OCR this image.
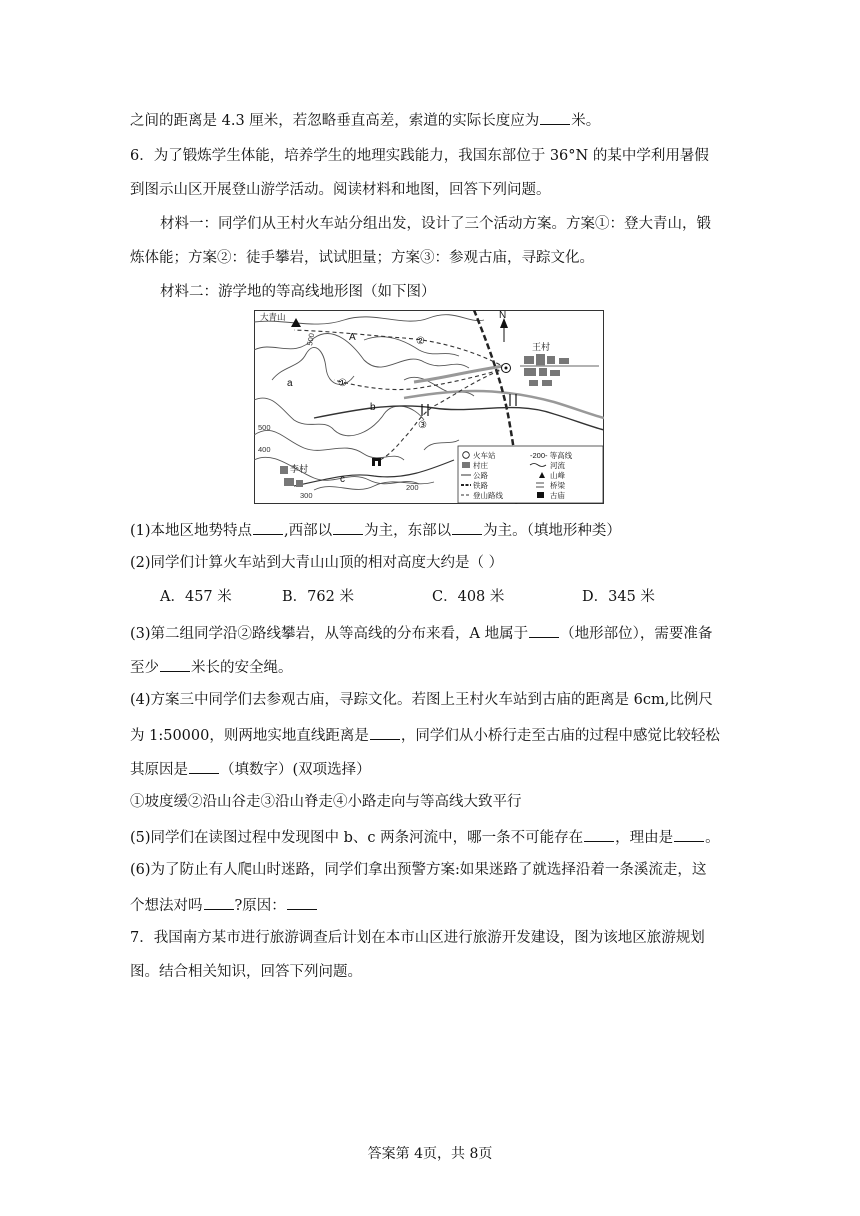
之间的距离是 4.3 厘米，若忽略垂直高差，索道的实际长度应为 米。
6．为了锻炼学生体能，培养学生的地理实践能力，我国东部位于 36°N 的某中学利用暑假
到图示山区开展登山游学活动。阅读材料和地图，回答下列问题。
材料一：同学们从王村火车站分组出发，设计了三个活动方案。方案①：登大青山，锻
炼体能；方案②：徒手攀岩，试试胆量；方案③：参观古庙，寻踪文化。
材料二：游学地的等高线地形图（如下图）
大青山	N
王村
李村
500
500
400
300
200
A
a
b
c
①
②
③
火车站	-200- 等高线
村庄	河流
公路	山峰
铁路	桥梁
登山路线	古庙
(1)本地区地势特点 ,西部以 为主，东部以 为主。（填地形种类）
(2)同学们计算火车站到大青山山顶的相对高度大约是（ ）
A．457 米	B．762 米	C．408 米	D．345 米
(3)第二组同学沿②路线攀岩，从等高线的分布来看，A 地属于 （地形部位），需要准备
至少 米长的安全绳。
(4)方案三中同学们去参观古庙，寻踪文化。若图上王村火车站到古庙的距离是 6cm,比例尺
为 1:50000，则两地实地直线距离是 ，同学们从小桥行走至古庙的过程中感觉比较轻松
其原因是 （填数字）(双项选择）
①坡度缓②沿山谷走③沿山脊走④小路走向与等高线大致平行
(5)同学们在读图过程中发现图中 b、c 两条河流中，哪一条不可能存在 ，理由是 。
(6)为了防止有人爬山时迷路，同学们拿出预警方案:如果迷路了就选择沿着一条溪流走，这
个想法对吗 ?原因：
7．我国南方某市进行旅游调查后计划在本市山区进行旅游开发建设，图为该地区旅游规划
图。结合相关知识，回答下列问题。
答案第 4页，共 8页
